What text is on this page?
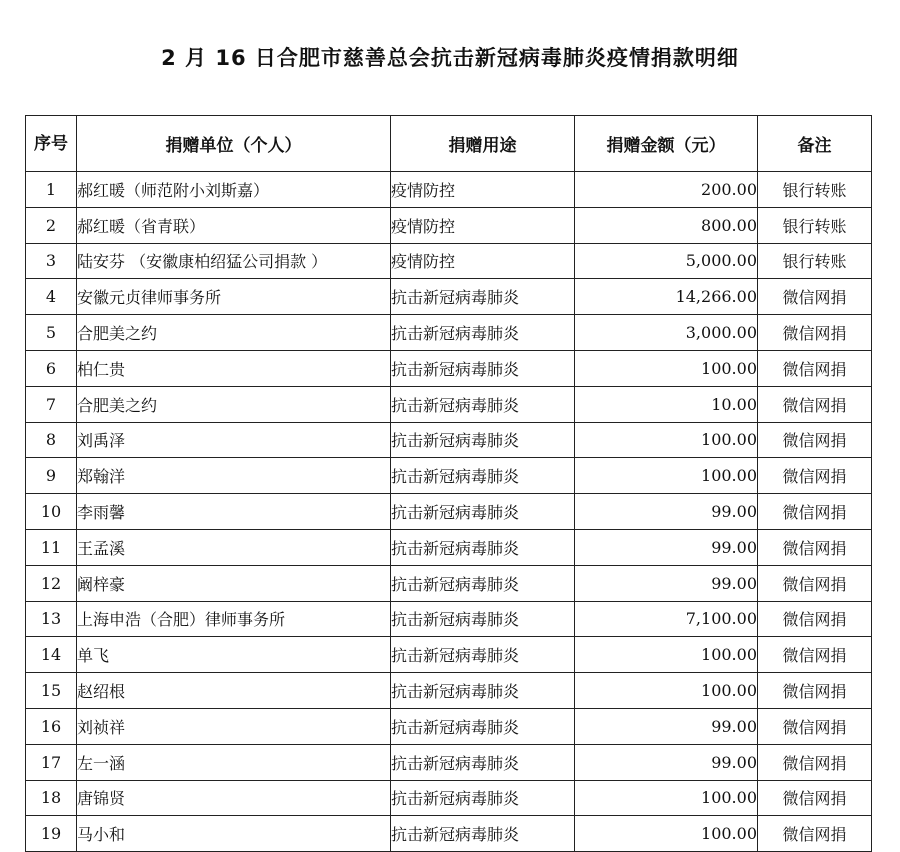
2 月 16 日合肥市慈善总会抗击新冠病毒肺炎疫情捐款明细
序号	捐赠单位（个人）	捐赠用途	捐赠金额（元）	备注
1	郝红暖（师范附小刘斯嘉）	疫情防控	200.00	银行转账
2	郝红暖（省青联）	疫情防控	800.00	银行转账
3	陆安芬 （安徽康柏绍猛公司捐款 ）	疫情防控	5,000.00	银行转账
4	安徽元贞律师事务所	抗击新冠病毒肺炎	14,266.00	微信网捐
5	合肥美之约	抗击新冠病毒肺炎	3,000.00	微信网捐
6	柏仁贵	抗击新冠病毒肺炎	100.00	微信网捐
7	合肥美之约	抗击新冠病毒肺炎	10.00	微信网捐
8	刘禹泽	抗击新冠病毒肺炎	100.00	微信网捐
9	郑翰洋	抗击新冠病毒肺炎	100.00	微信网捐
10	李雨馨	抗击新冠病毒肺炎	99.00	微信网捐
11	王孟溪	抗击新冠病毒肺炎	99.00	微信网捐
12	阚梓豪	抗击新冠病毒肺炎	99.00	微信网捐
13	上海申浩（合肥）律师事务所	抗击新冠病毒肺炎	7,100.00	微信网捐
14	单飞	抗击新冠病毒肺炎	100.00	微信网捐
15	赵绍根	抗击新冠病毒肺炎	100.00	微信网捐
16	刘祯祥	抗击新冠病毒肺炎	99.00	微信网捐
17	左一涵	抗击新冠病毒肺炎	99.00	微信网捐
18	唐锦贤	抗击新冠病毒肺炎	100.00	微信网捐
19	马小和	抗击新冠病毒肺炎	100.00	微信网捐
